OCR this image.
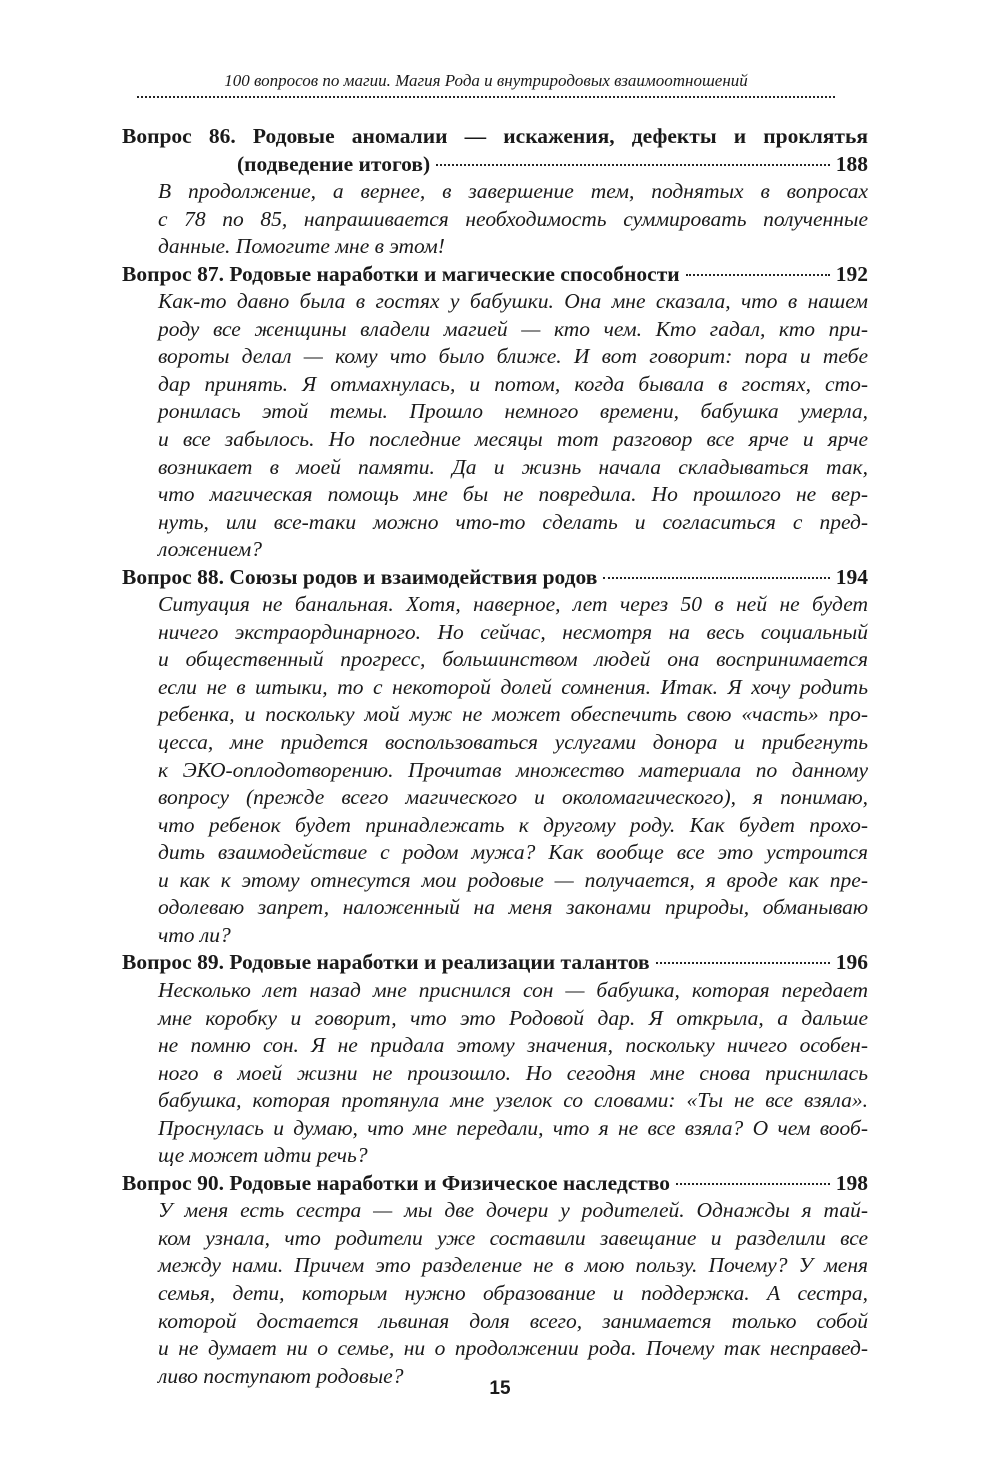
100 вопросов по магии. Магия Рода и внутриродовых взаимоотношений
Вопрос 86. Родовые аномалии — искажения, дефекты и проклятья
(подведение итогов)	188
В продолжение, а вернее, в завершение тем, поднятых в вопросах
с 78 по 85, напрашивается необходимость суммировать полученные
данные. Помогите мне в этом!
Вопрос 87. Родовые наработки и магические способности	192
Как-то давно была в гостях у бабушки. Она мне сказала, что в нашем
роду все женщины владели магией — кто чем. Кто гадал, кто при-
вороты делал — кому что было ближе. И вот говорит: пора и тебе
дар принять. Я отмахнулась, и потом, когда бывала в гостях, сто-
ронилась этой темы. Прошло немного времени, бабушка умерла,
и все забылось. Но последние месяцы тот разговор все ярче и ярче
возникает в моей памяти. Да и жизнь начала складываться так,
что магическая помощь мне бы не повредила. Но прошлого не вер-
нуть, или все-таки можно что-то сделать и согласиться с пред-
ложением?
Вопрос 88. Союзы родов и взаимодействия родов	194
Ситуация не банальная. Хотя, наверное, лет через 50 в ней не будет
ничего экстраординарного. Но сейчас, несмотря на весь социальный
и общественный прогресс, большинством людей она воспринимается
если не в штыки, то с некоторой долей сомнения. Итак. Я хочу родить
ребенка, и поскольку мой муж не может обеспечить свою «часть» про-
цесса, мне придется воспользоваться услугами донора и прибегнуть
к ЭКО-оплодотворению. Прочитав множество материала по данному
вопросу (прежде всего магического и околомагического), я понимаю,
что ребенок будет принадлежать к другому роду. Как будет прохо-
дить взаимодействие с родом мужа? Как вообще все это устроится
и как к этому отнесутся мои родовые — получается, я вроде как пре-
одолеваю запрет, наложенный на меня законами природы, обманываю
что ли?
Вопрос 89. Родовые наработки и реализации талантов	196
Несколько лет назад мне приснился сон — бабушка, которая передает
мне коробку и говорит, что это Родовой дар. Я открыла, а дальше
не помню сон. Я не придала этому значения, поскольку ничего особен-
ного в моей жизни не произошло. Но сегодня мне снова приснилась
бабушка, которая протянула мне узелок со словами: «Ты не все взяла».
Проснулась и думаю, что мне передали, что я не все взяла? О чем вооб-
ще может идти речь?
Вопрос 90. Родовые наработки и Физическое наследство	198
У меня есть сестра — мы две дочери у родителей. Однажды я тай-
ком узнала, что родители уже составили завещание и разделили все
между нами. Причем это разделение не в мою пользу. Почему? У меня
семья, дети, которым нужно образование и поддержка. А сестра,
которой достается львиная доля всего, занимается только собой
и не думает ни о семье, ни о продолжении рода. Почему так несправед-
ливо поступают родовые?
15
